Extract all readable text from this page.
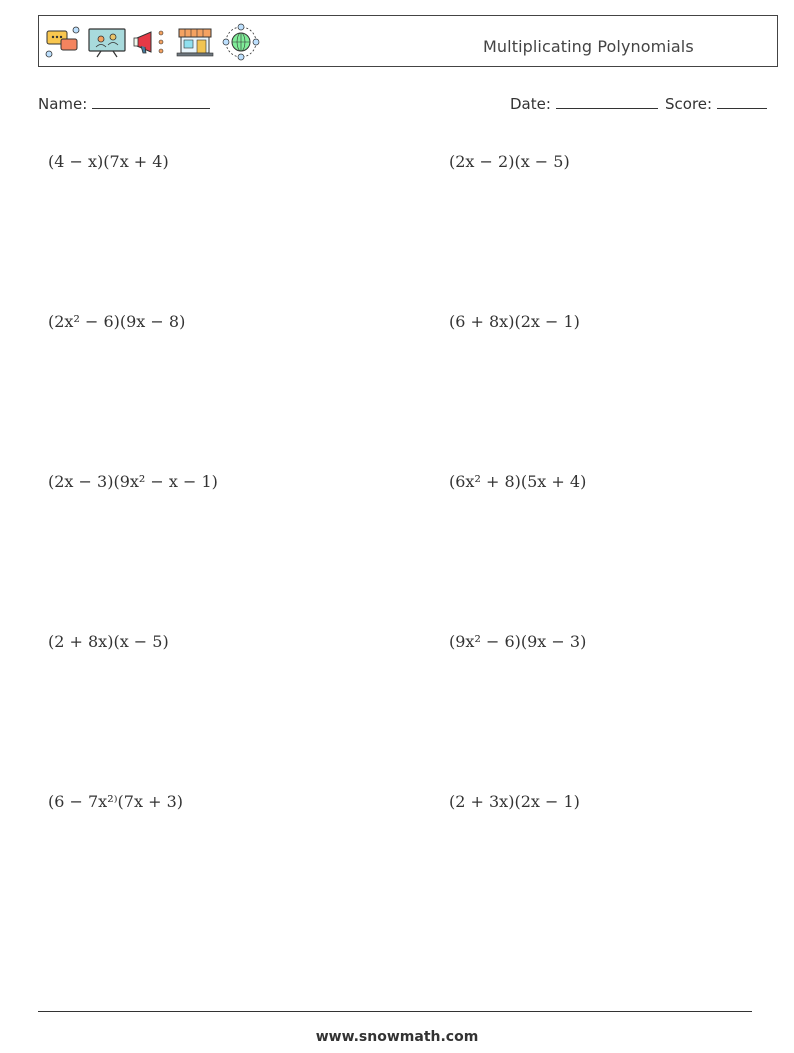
Multiplicating Polynomials
Name:	Date:	Score:
(4 − x)(7x + 4)	(2x − 2)(x − 5)
(2x² − 6)(9x − 8)	(6 + 8x)(2x − 1)
(2x − 3)(9x² − x − 1)	(6x² + 8)(5x + 4)
(2 + 8x)(x − 5)	(9x² − 6)(9x − 3)
(6 − 7x²⁾(7x + 3)	(2 + 3x)(2x − 1)
www.snowmath.com
